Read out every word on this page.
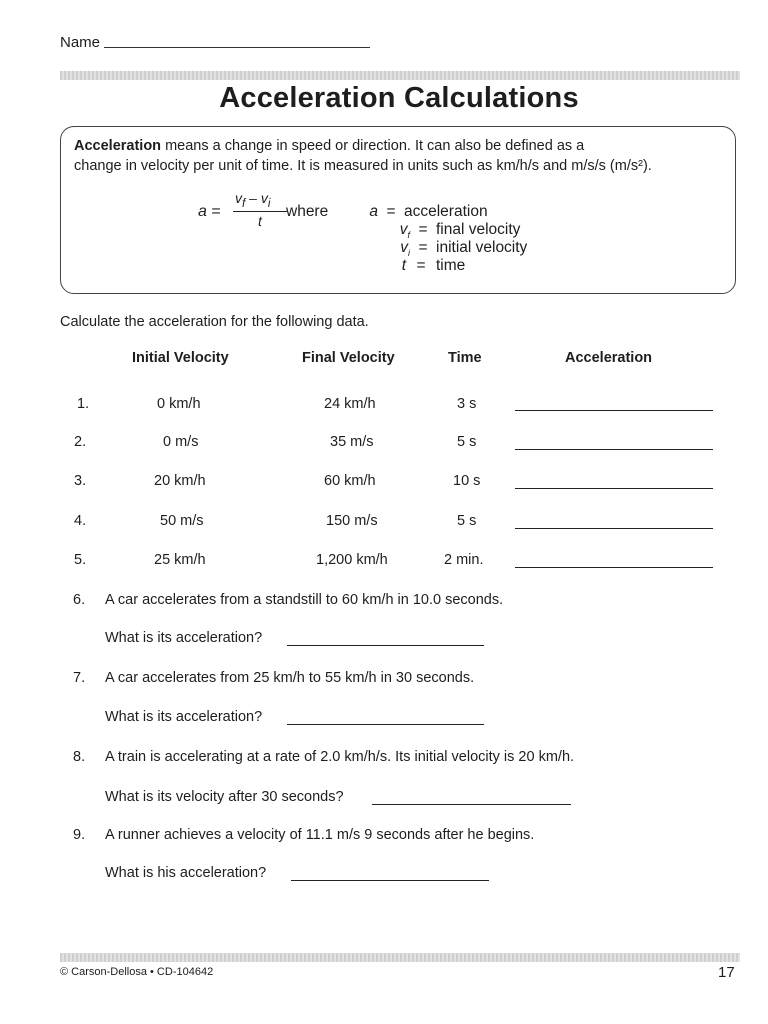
Name
Acceleration Calculations
Acceleration means a change in speed or direction. It can also be defined as a
change in velocity per unit of time. It is measured in units such as km/h/s and m/s/s (m/s²).
a =
$v_f - v_i$
t
where	a = acceleration
$v_f$ = final velocity
$v_i$ = initial velocity
t = time
Calculate the acceleration for the following data.
Initial Velocity	Final Velocity	Time	Acceleration
1.	0 km/h	24 km/h	3 s
2.	0 m/s	35 m/s	5 s
3.	20 km/h	60 km/h	10 s
4.	50 m/s	150 m/s	5 s
5.	25 km/h	1,200 km/h	2 min.
6. A car accelerates from a standstill to 60 km/h in 10.0 seconds.
What is its acceleration?
7. A car accelerates from 25 km/h to 55 km/h in 30 seconds.
What is its acceleration?
8. A train is accelerating at a rate of 2.0 km/h/s. Its initial velocity is 20 km/h.
What is its velocity after 30 seconds?
9. A runner achieves a velocity of 11.1 m/s 9 seconds after he begins.
What is his acceleration?
© Carson-Dellosa • CD-104642	17
